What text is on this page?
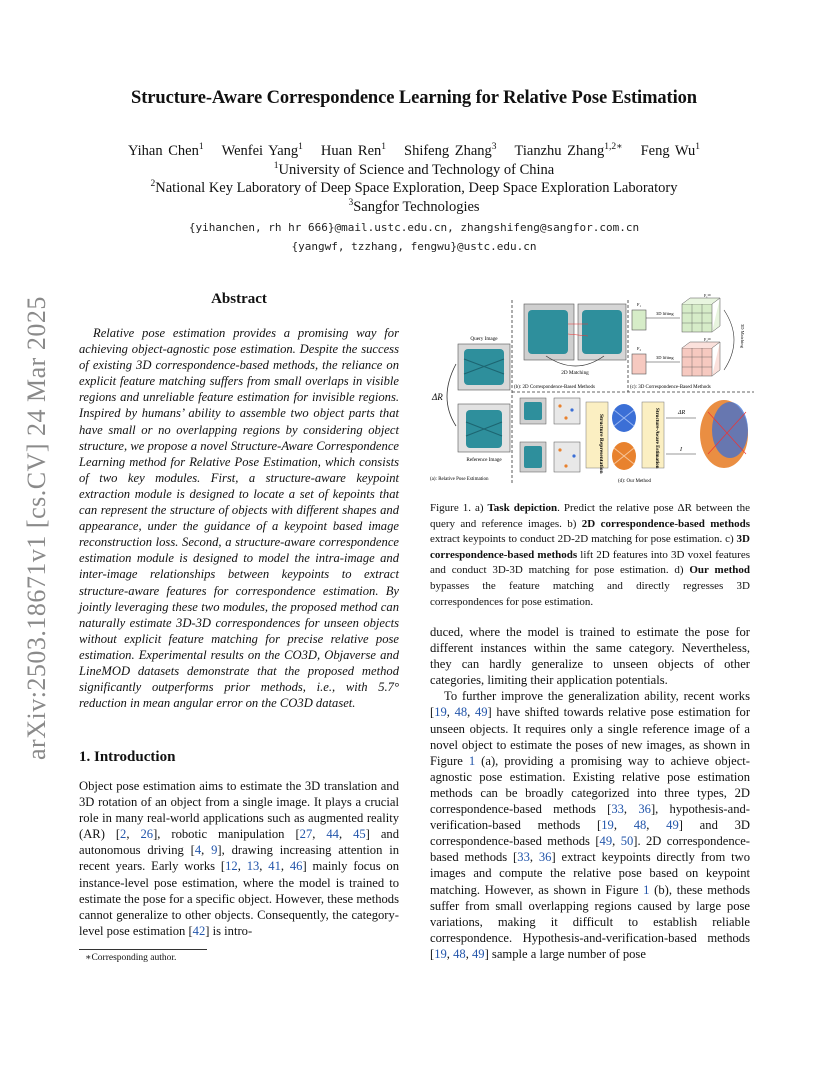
arXiv:2503.18671v1 [cs.CV] 24 Mar 2025
Structure-Aware Correspondence Learning for Relative Pose Estimation
Yihan Chen$^1$ Wenfei Yang$^1$ Huan Ren$^1$ Shifeng Zhang$^3$ Tianzhu Zhang$^{1,2∗}$ Feng Wu$^1$
$^1$University of Science and Technology of China
$^2$National Key Laboratory of Deep Space Exploration, Deep Space Exploration Laboratory
$^3$Sangfor Technologies
{yihanchen, rh hr 666}@mail.ustc.edu.cn, zhangshifeng@sangfor.com.cn
{yangwf, tzzhang, fengwu}@ustc.edu.cn
Abstract

Relative pose estimation provides a promising way for achieving object-agnostic pose estimation. Despite the success of existing 3D correspondence-based methods, the reliance on explicit feature matching suffers from small overlaps in visible regions and unreliable feature estimation for invisible regions. Inspired by humans’ ability to assemble two object parts that have small or no overlapping regions by considering object structure, we propose a novel Structure-Aware Correspondence Learning method for Relative Pose Estimation, which consists of two key modules. First, a structure-aware keypoint extraction module is designed to locate a set of kepoints that can represent the structure of objects with different shapes and appearance, under the guidance of a keypoint based image reconstruction loss. Second, a structure-aware correspondence estimation module is designed to model the intra-image and inter-image relationships between keypoints to extract structure-aware features for correspondence estimation. By jointly leveraging these two modules, the proposed method can naturally estimate 3D-3D correspondences for unseen objects without explicit feature matching for precise relative pose estimation. Experimental results on the CO3D, Objaverse and LineMOD datasets demonstrate that the proposed method significantly outperforms prior methods, i.e., with 5.7° reduction in mean angular error on the CO3D dataset.

1. Introduction

Object pose estimation aims to estimate the 3D translation and 3D rotation of an object from a single image. It plays a crucial role in many real-world applications such as augmented reality (AR) [2, 26], robotic manipulation [27, 44, 45] and autonomous driving [4, 9], drawing increasing attention in recent years. Early works [12, 13, 41, 46] mainly focus on instance-level pose estimation, where the model is trained to estimate the pose for a specific object. However, these methods cannot generalize to other objects. Consequently, the category-level pose estimation [42] is intro-

∗Corresponding author.
Query Image
Reference Image
ΔR
(a): Relative Pose Estimation
2D Matching
(b): 2D Correspondence-Based Methods
F₁
F₂
3D lifting
3D lifting
F₁³ᴰ
F₂³ᴰ	3D Matching
(c): 3D Correspondence-Based Methods
Structure Representation	Structure-Aware Estimation	ΔR
I
(d): Our Method
Figure 1. a) Task depiction. Predict the relative pose ΔR between the query and reference images. b) 2D correspondence-based methods extract keypoints to conduct 2D-2D matching for pose estimation. c) 3D correspondence-based methods lift 2D features into 3D voxel features and conduct 3D-3D matching for pose estimation. d) Our method bypasses the feature matching and directly regresses 3D correspondences for pose estimation.

duced, where the model is trained to estimate the pose for different instances within the same category. Nevertheless, they can hardly generalize to unseen objects of other categories, limiting their application potentials.

To further improve the generalization ability, recent works [19, 48, 49] have shifted towards relative pose estimation for unseen objects. It requires only a single reference image of a novel object to estimate the poses of new images, as shown in Figure 1 (a), providing a promising way to achieve object-agnostic pose estimation. Existing relative pose estimation methods can be broadly categorized into three types, 2D correspondence-based methods [33, 36], hypothesis-and-verification-based methods [19, 48, 49] and 3D correspondence-based methods [49, 50]. 2D correspondence-based methods [33, 36] extract keypoints directly from two images and compute the relative pose based on keypoint matching. However, as shown in Figure 1 (b), these methods suffer from small overlapping regions caused by large pose variations, making it difficult to establish reliable correspondence. Hypothesis-and-verification-based methods [19, 48, 49] sample a large number of pose
